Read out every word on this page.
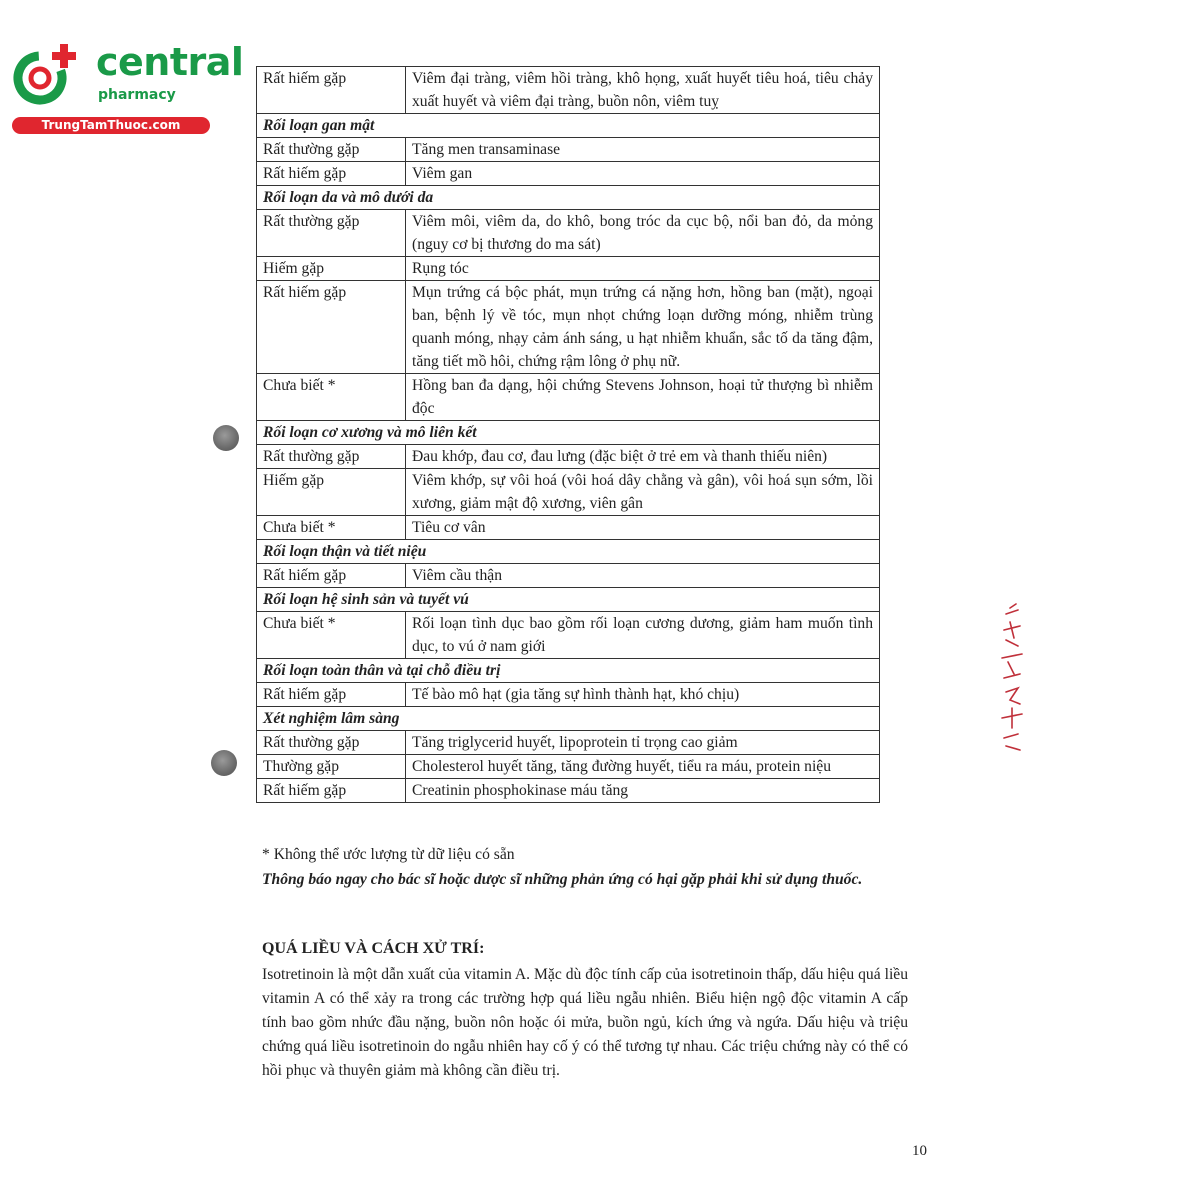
central
pharmacy
TrungTamThuoc.com
Rất hiếm gặp	Viêm đại tràng, viêm hồi tràng, khô họng, xuất huyết tiêu hoá, tiêu chảy xuất huyết và viêm đại tràng, buồn nôn, viêm tuỵ
Rối loạn gan mật	
Rất thường gặp	Tăng men transaminase
Rất hiếm gặp	Viêm gan
Rối loạn da và mô dưới da	
Rất thường gặp	Viêm môi, viêm da, do khô, bong tróc da cục bộ, nổi ban đỏ, da mỏng (nguy cơ bị thương do ma sát)
Hiếm gặp	Rụng tóc
Rất hiếm gặp	Mụn trứng cá bộc phát, mụn trứng cá nặng hơn, hồng ban (mặt), ngoại ban, bệnh lý về tóc, mụn nhọt chứng loạn dưỡng móng, nhiễm trùng quanh móng, nhạy cảm ánh sáng, u hạt nhiễm khuẩn, sắc tố da tăng đậm, tăng tiết mồ hôi, chứng rậm lông ở phụ nữ.
Chưa biết *	Hồng ban đa dạng, hội chứng Stevens Johnson, hoại tử thượng bì nhiễm độc
Rối loạn cơ xương và mô liên kết	
Rất thường gặp	Đau khớp, đau cơ, đau lưng (đặc biệt ở trẻ em và thanh thiếu niên)
Hiếm gặp	Viêm khớp, sự vôi hoá (vôi hoá dây chằng và gân), vôi hoá sụn sớm, lồi xương, giảm mật độ xương, viên gân
Chưa biết *	Tiêu cơ vân
Rối loạn thận và tiết niệu	
Rất hiếm gặp	Viêm cầu thận
Rối loạn hệ sinh sản và tuyết vú	
Chưa biết *	Rối loạn tình dục bao gồm rối loạn cương dương, giảm ham muốn tình dục, to vú ở nam giới
Rối loạn toàn thân và tại chỗ điều trị	
Rất hiếm gặp	Tế bào mô hạt (gia tăng sự hình thành hạt, khó chịu)
Xét nghiệm lâm sàng	
Rất thường gặp	Tăng triglycerid huyết, lipoprotein tỉ trọng cao giảm
Thường gặp	Cholesterol huyết tăng, tăng đường huyết, tiểu ra máu, protein niệu
Rất hiếm gặp	Creatinin phosphokinase máu tăng
* Không thể ước lượng từ dữ liệu có sẵn
Thông báo ngay cho bác sĩ hoặc dược sĩ những phản ứng có hại gặp phải khi sử dụng thuốc.
QUÁ LIỀU VÀ CÁCH XỬ TRÍ:
Isotretinoin là một dẫn xuất của vitamin A. Mặc dù độc tính cấp của isotretinoin thấp, dấu hiệu quá liều vitamin A có thể xảy ra trong các trường hợp quá liều ngẫu nhiên. Biểu hiện ngộ độc vitamin A cấp tính bao gồm nhức đầu nặng, buồn nôn hoặc ói mửa, buồn ngủ, kích ứng và ngứa. Dấu hiệu và triệu chứng quá liều isotretinoin do ngẫu nhiên hay cố ý có thể tương tự nhau. Các triệu chứng này có thể có hồi phục và thuyên giảm mà không cần điều trị.
10
